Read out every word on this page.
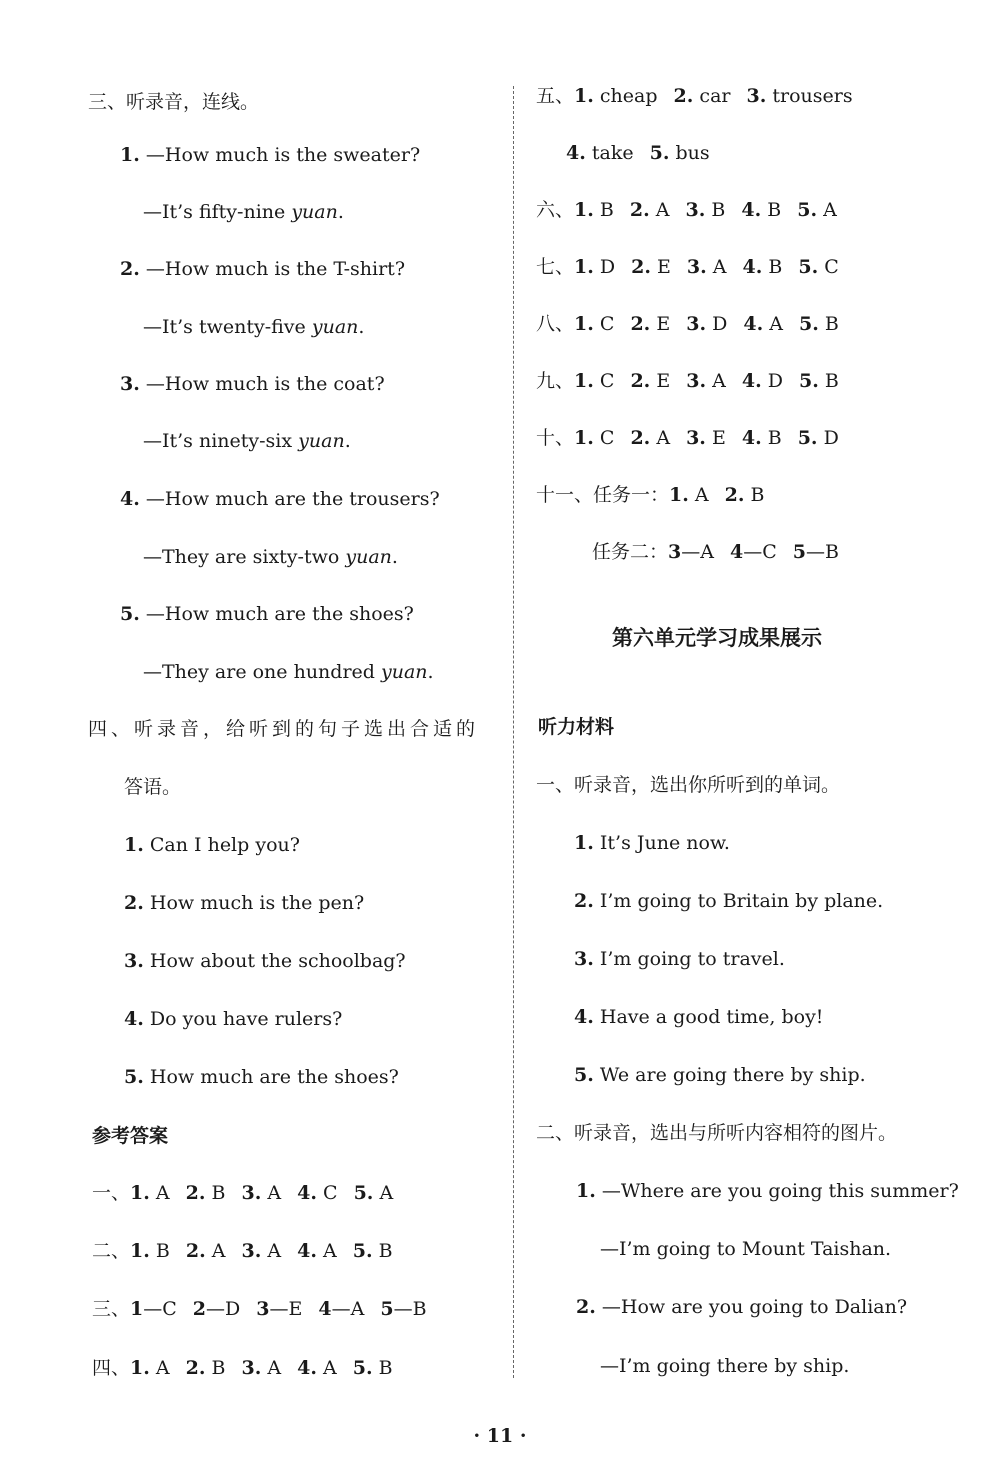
三、听录音，连线。
1. —How much is the sweater?
—It’s fifty-nine yuan.
2. —How much is the T-shirt?
—It’s twenty-five yuan.
3. —How much is the coat?
—It’s ninety-six yuan.
4. —How much are the trousers?
—They are sixty-two yuan.
5. —How much are the shoes?
—They are one hundred yuan.
四、听录音，给听到的句子选出合适的
答语。
1. Can I help you?
2. How much is the pen?
3. How about the schoolbag?
4. Do you have rulers?
5. How much are the shoes?
参考答案
一、1. A 2. B 3. A 4. C 5. A
二、1. B 2. A 3. A 4. A 5. B
三、1—C 2—D 3—E 4—A 5—B
四、1. A 2. B 3. A 4. A 5. B
五、1. cheap 2. car 3. trousers
4. take 5. bus
六、1. B 2. A 3. B 4. B 5. A
七、1. D 2. E 3. A 4. B 5. C
八、1. C 2. E 3. D 4. A 5. B
九、1. C 2. E 3. A 4. D 5. B
十、1. C 2. A 3. E 4. B 5. D
十一、任务一：1. A 2. B
任务二：3—A 4—C 5—B
第六单元学习成果展示
听力材料
一、听录音，选出你所听到的单词。
1. It’s June now.
2. I’m going to Britain by plane.
3. I’m going to travel.
4. Have a good time, boy!
5. We are going there by ship.
二、听录音，选出与所听内容相符的图片。
1. —Where are you going this summer?
—I’m going to Mount Taishan.
2. —How are you going to Dalian?
—I’m going there by ship.
· 11 ·
